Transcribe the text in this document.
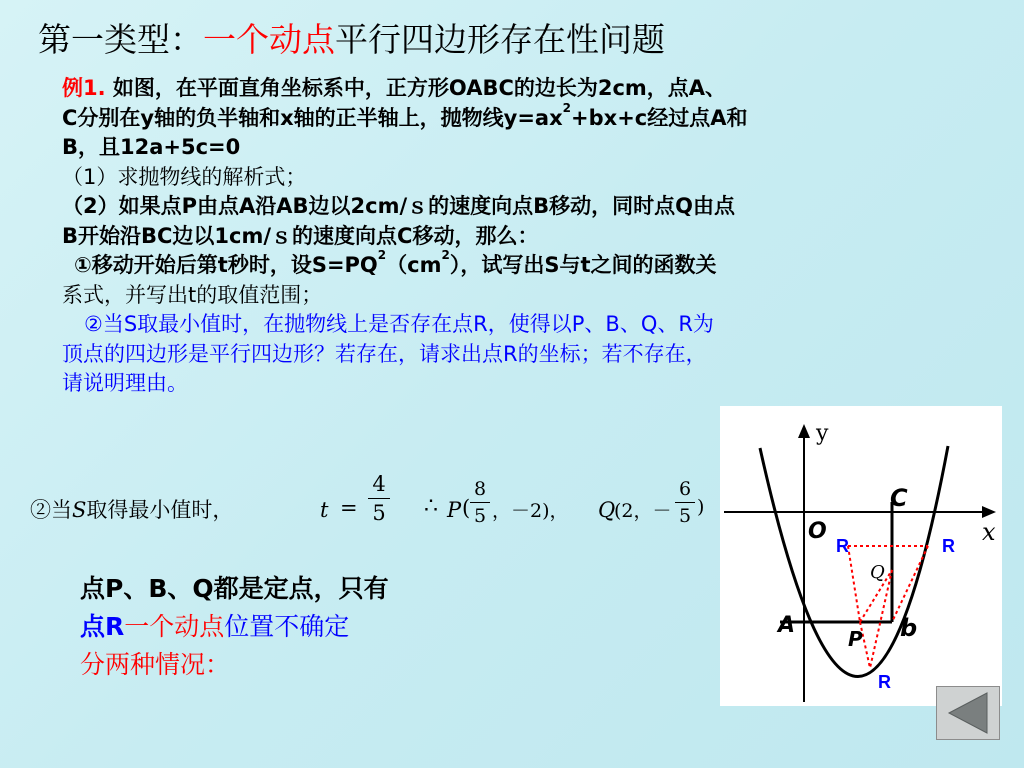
第一类型：一个动点平行四边形存在性问题
例1. 如图，在平面直角坐标系中，正方形OABC的边长为2cm，点A、
C分别在y轴的负半轴和x轴的正半轴上，抛物线$y=ax^2+bx+c$经过点A和
B，且12a+5c=0
（1）求抛物线的解析式；
（2）如果点P由点A沿AB边以2cm/ｓ的速度向点B移动，同时点Q由点
B开始沿BC边以1cm/ｓ的速度向点C移动，那么：
①移动开始后第t秒时，设$S=PQ^2(cm^2)$，试写出S与t之间的函数关
系式，并写出t的取值范围；
②当S取最小值时，在抛物线上是否存在点R，使得以P、B、Q、R为
顶点的四边形是平行四边形？若存在，请求出点R的坐标；若不存在，
请说明理由。
②当S取得最小值时，	t =
4
5 ∴ P (
8
5 ，－2)， Q
(2，－
6
5 )
点P、B、Q都是定点，只有
点R一个动点位置不确定
分两种情况：
y
x
O
C
A	b
Q
P
R	R
R
